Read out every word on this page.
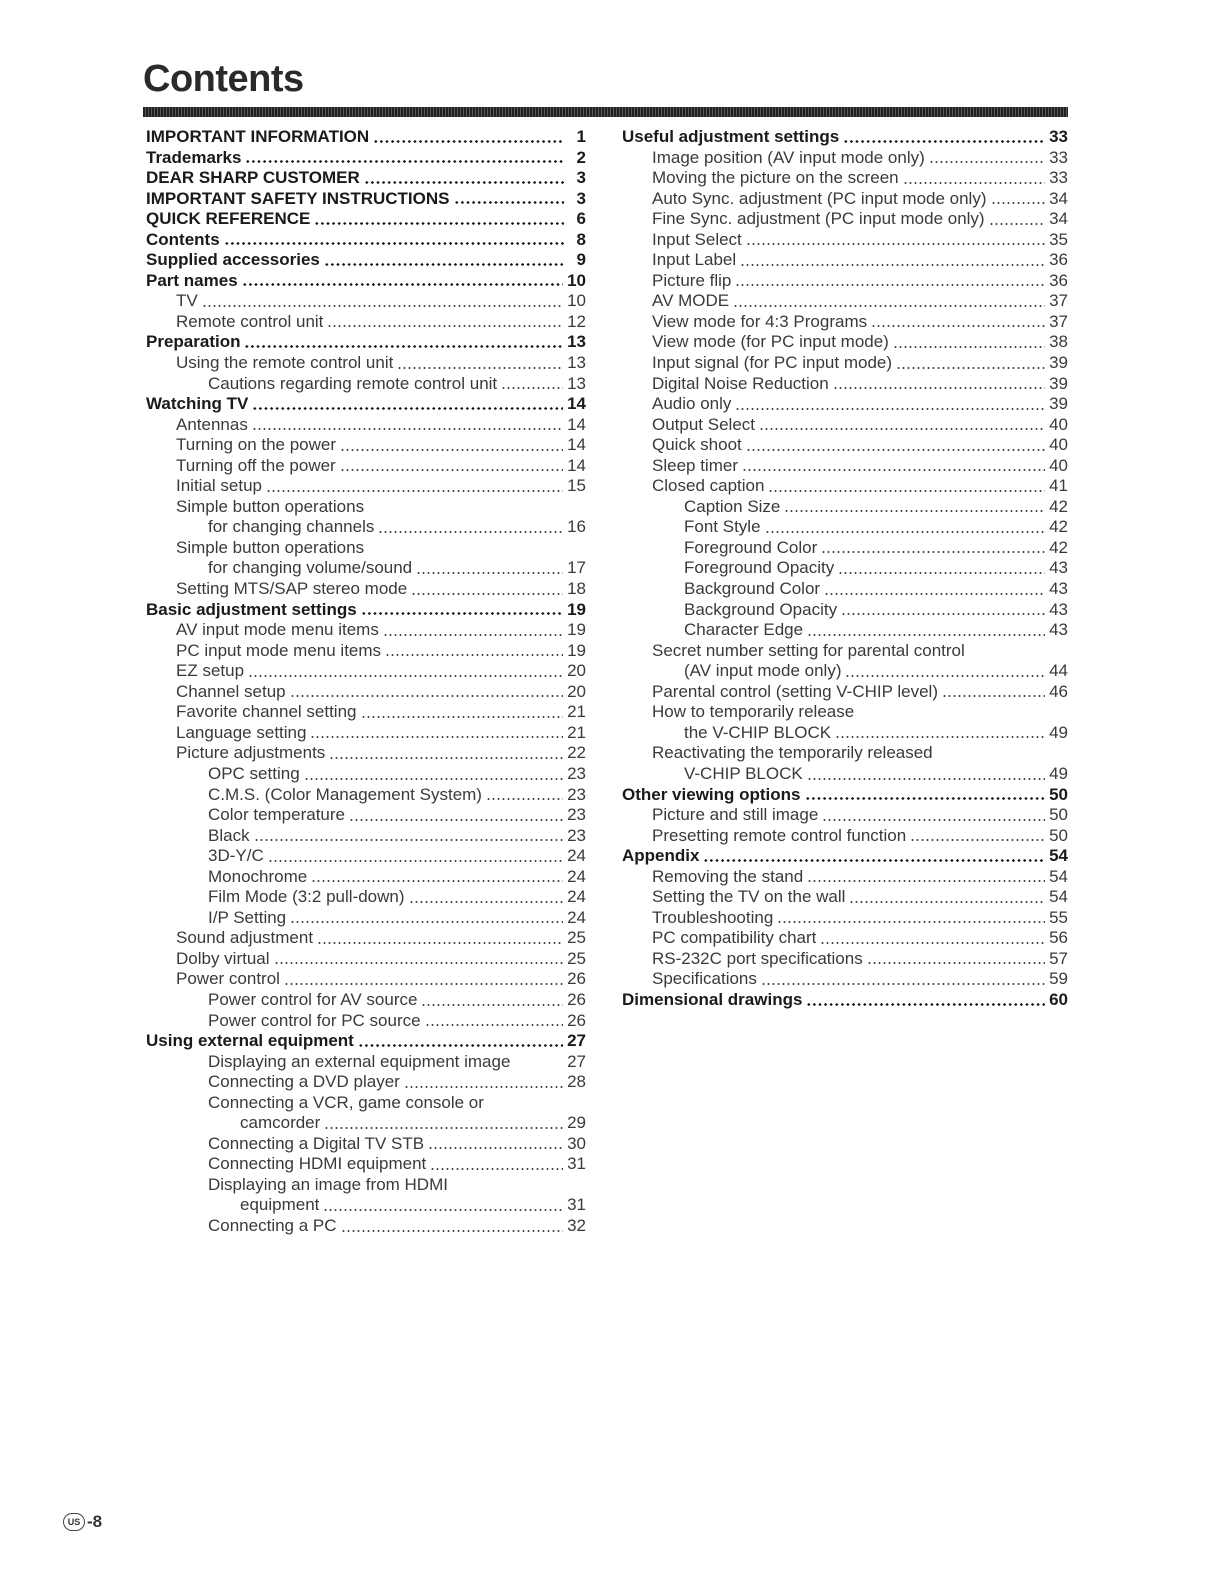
Contents
IMPORTANT INFORMATION	1
Trademarks	2
DEAR SHARP CUSTOMER	3
IMPORTANT SAFETY INSTRUCTIONS	3
QUICK REFERENCE	6
Contents	8
Supplied accessories	9
Part names	10
TV	10
Remote control unit	12
Preparation	13
Using the remote control unit	13
Cautions regarding remote control unit	13
Watching TV	14
Antennas	14
Turning on the power	14
Turning off the power	14
Initial setup	15
Simple button operations
for changing channels	16
Simple button operations
for changing volume/sound	17
Setting MTS/SAP stereo mode	18
Basic adjustment settings	19
AV input mode menu items	19
PC input mode menu items	19
EZ setup	20
Channel setup	20
Favorite channel setting	21
Language setting	21
Picture adjustments	22
OPC setting	23
C.M.S. (Color Management System)	23
Color temperature	23
Black	23
3D-Y/C	24
Monochrome	24
Film Mode (3:2 pull-down)	24
I/P Setting	24
Sound adjustment	25
Dolby virtual	25
Power control	26
Power control for AV source	26
Power control for PC source	26
Using external equipment	27
Displaying an external equipment image	27
Connecting a DVD player	28
Connecting a VCR, game console or
camcorder	29
Connecting a Digital TV STB	30
Connecting HDMI equipment	31
Displaying an image from HDMI
equipment	31
Connecting a PC	32
Useful adjustment settings	33
Image position (AV input mode only)	33
Moving the picture on the screen	33
Auto Sync. adjustment (PC input mode only)	34
Fine Sync. adjustment (PC input mode only)	34
Input Select	35
Input Label	36
Picture flip	36
AV MODE	37
View mode for 4:3 Programs	37
View mode (for PC input mode)	38
Input signal (for PC input mode)	39
Digital Noise Reduction	39
Audio only	39
Output Select	40
Quick shoot	40
Sleep timer	40
Closed caption	41
Caption Size	42
Font Style	42
Foreground Color	42
Foreground Opacity	43
Background Color	43
Background Opacity	43
Character Edge	43
Secret number setting for parental control
(AV input mode only)	44
Parental control (setting V-CHIP level)	46
How to temporarily release
the V-CHIP BLOCK	49
Reactivating the temporarily released
V-CHIP BLOCK	49
Other viewing options	50
Picture and still image	50
Presetting remote control function	50
Appendix	54
Removing the stand	54
Setting the TV on the wall	54
Troubleshooting	55
PC compatibility chart	56
RS-232C port specifications	57
Specifications	59
Dimensional drawings	60
US -8
